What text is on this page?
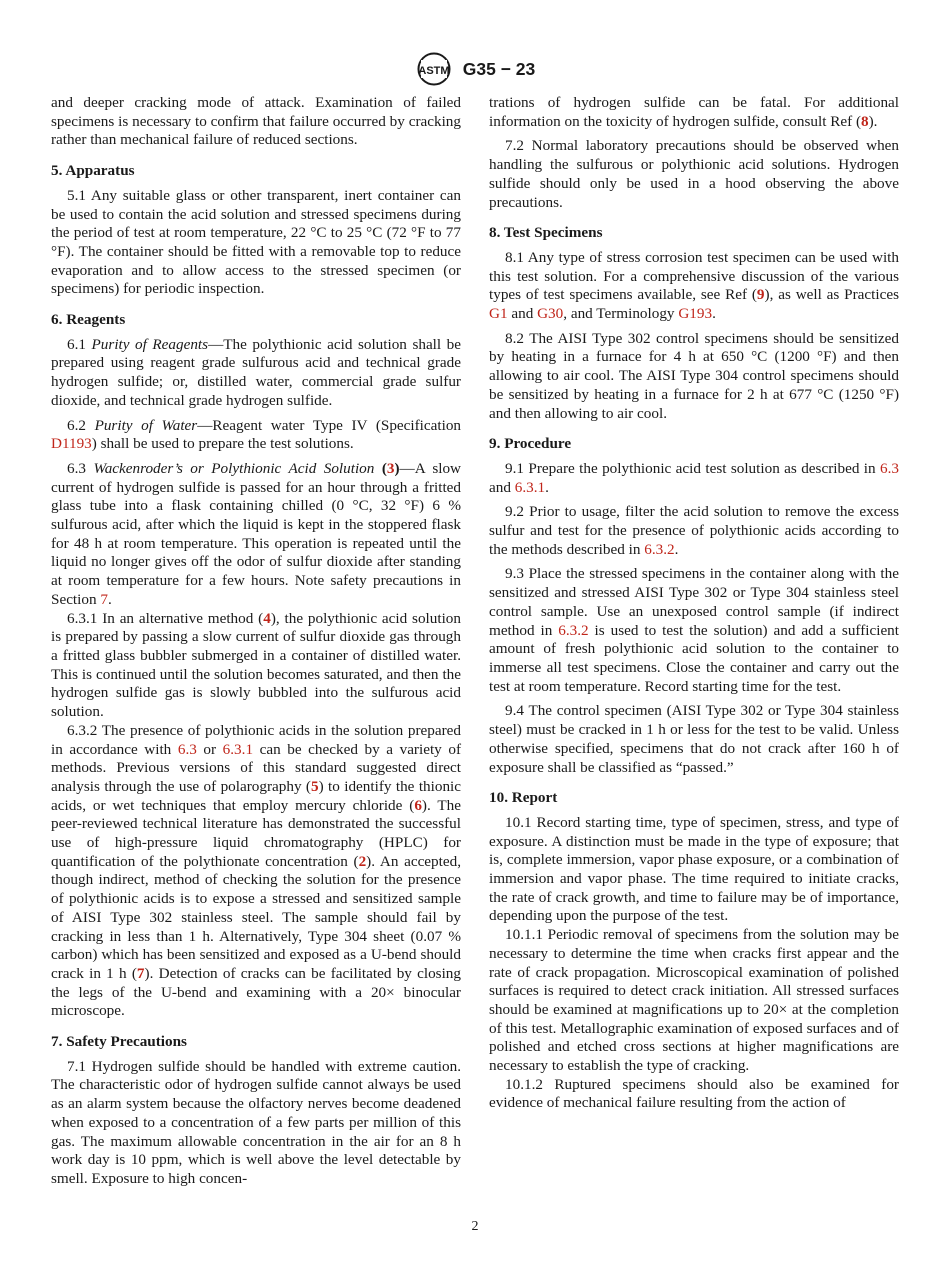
ASTM G35 − 23

and deeper cracking mode of attack. Examination of failed specimens is necessary to confirm that failure occurred by cracking rather than mechanical failure of reduced sections.

5. Apparatus

5.1 Any suitable glass or other transparent, inert container can be used to contain the acid solution and stressed specimens during the period of test at room temperature, 22 °C to 25 °C (72 °F to 77 °F). The container should be fitted with a removable top to reduce evaporation and to allow access to the stressed specimen (or specimens) for periodic inspection.

6. Reagents

6.1 Purity of Reagents—The polythionic acid solution shall be prepared using reagent grade sulfurous acid and technical grade hydrogen sulfide; or, distilled water, commercial grade sulfur dioxide, and technical grade hydrogen sulfide.

6.2 Purity of Water—Reagent water Type IV (Specification D1193) shall be used to prepare the test solutions.

6.3 Wackenroder’s or Polythionic Acid Solution (3)—A slow current of hydrogen sulfide is passed for an hour through a fritted glass tube into a flask containing chilled (0 °C, 32 °F) 6 % sulfurous acid, after which the liquid is kept in the stoppered flask for 48 h at room temperature. This operation is repeated until the liquid no longer gives off the odor of sulfur dioxide after standing at room temperature for a few hours. Note safety precautions in Section 7.

6.3.1 In an alternative method (4), the polythionic acid solution is prepared by passing a slow current of sulfur dioxide gas through a fritted glass bubbler submerged in a container of distilled water. This is continued until the solution becomes saturated, and then the hydrogen sulfide gas is slowly bubbled into the sulfurous acid solution.

6.3.2 The presence of polythionic acids in the solution prepared in accordance with 6.3 or 6.3.1 can be checked by a variety of methods. Previous versions of this standard suggested direct analysis through the use of polarography (5) to identify the thionic acids, or wet techniques that employ mercury chloride (6). The peer-reviewed technical literature has demonstrated the successful use of high-pressure liquid chromatography (HPLC) for quantification of the polythionate concentration (2). An accepted, though indirect, method of checking the solution for the presence of polythionic acids is to expose a stressed and sensitized sample of AISI Type 302 stainless steel. The sample should fail by cracking in less than 1 h. Alternatively, Type 304 sheet (0.07 % carbon) which has been sensitized and exposed as a U-bend should crack in 1 h (7). Detection of cracks can be facilitated by closing the legs of the U-bend and examining with a 20× binocular microscope.

7. Safety Precautions

7.1 Hydrogen sulfide should be handled with extreme caution. The characteristic odor of hydrogen sulfide cannot always be used as an alarm system because the olfactory nerves become deadened when exposed to a concentration of a few parts per million of this gas. The maximum allowable concentration in the air for an 8 h work day is 10 ppm, which is well above the level detectable by smell. Exposure to high concen-

trations of hydrogen sulfide can be fatal. For additional information on the toxicity of hydrogen sulfide, consult Ref (8).

7.2 Normal laboratory precautions should be observed when handling the sulfurous or polythionic acid solutions. Hydrogen sulfide should only be used in a hood observing the above precautions.

8. Test Specimens

8.1 Any type of stress corrosion test specimen can be used with this test solution. For a comprehensive discussion of the various types of test specimens available, see Ref (9), as well as Practices G1 and G30, and Terminology G193.

8.2 The AISI Type 302 control specimens should be sensitized by heating in a furnace for 4 h at 650 °C (1200 °F) and then allowing to air cool. The AISI Type 304 control specimens should be sensitized by heating in a furnace for 2 h at 677 °C (1250 °F) and then allowing to air cool.

9. Procedure

9.1 Prepare the polythionic acid test solution as described in 6.3 and 6.3.1.

9.2 Prior to usage, filter the acid solution to remove the excess sulfur and test for the presence of polythionic acids according to the methods described in 6.3.2.

9.3 Place the stressed specimens in the container along with the sensitized and stressed AISI Type 302 or Type 304 stainless steel control sample. Use an unexposed control sample (if indirect method in 6.3.2 is used to test the solution) and add a sufficient amount of fresh polythionic acid solution to the container to immerse all test specimens. Close the container and carry out the test at room temperature. Record starting time for the test.

9.4 The control specimen (AISI Type 302 or Type 304 stainless steel) must be cracked in 1 h or less for the test to be valid. Unless otherwise specified, specimens that do not crack after 160 h of exposure shall be classified as “passed.”

10. Report

10.1 Record starting time, type of specimen, stress, and type of exposure. A distinction must be made in the type of exposure; that is, complete immersion, vapor phase exposure, or a combination of immersion and vapor phase. The time required to initiate cracks, the rate of crack growth, and time to failure may be of importance, depending upon the purpose of the test.

10.1.1 Periodic removal of specimens from the solution may be necessary to determine the time when cracks first appear and the rate of crack propagation. Microscopical examination of polished surfaces is required to detect crack initiation. All stressed surfaces should be examined at magnifications up to 20× at the completion of this test. Metallographic examination of exposed surfaces and of polished and etched cross sections at higher magnifications are necessary to establish the type of cracking.

10.1.2 Ruptured specimens should also be examined for evidence of mechanical failure resulting from the action of

2
